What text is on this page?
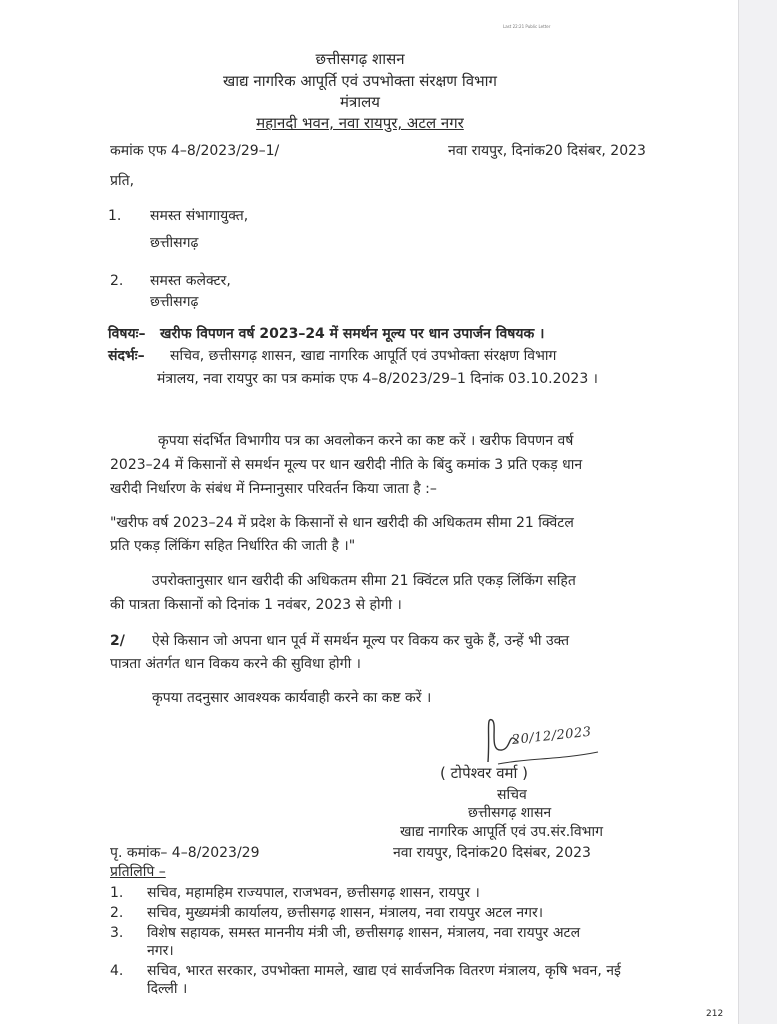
Last 22:21 Public Letter
छत्तीसगढ़ शासन
खाद्य नागरिक आपूर्ति एवं उपभोक्ता संरक्षण विभाग
मंत्रालय
महानदी भवन, नवा रायपुर, अटल नगर
कमांक एफ 4–8/2023/29–1/	नवा रायपुर, दिनांक20 दिसंबर, 2023
प्रति,
1. समस्त संभागायुक्त,
छत्तीसगढ़
2. समस्त कलेक्टर,
छत्तीसगढ़
विषयः– खरीफ विपणन वर्ष 2023–24 में समर्थन मूल्य पर धान उपार्जन विषयक ।
संदर्भः– सचिव, छत्तीसगढ़ शासन, खाद्य नागरिक आपूर्ति एवं उपभोक्ता संरक्षण विभाग
मंत्रालय, नवा रायपुर का पत्र कमांक एफ 4–8/2023/29–1 दिनांक 03.10.2023 ।
कृपया संदर्भित विभागीय पत्र का अवलोकन करने का कष्ट करें । खरीफ विपणन वर्ष
2023–24 में किसानों से समर्थन मूल्य पर धान खरीदी नीति के बिंदु कमांक 3 प्रति एकड़ धान
खरीदी निर्धारण के संबंध में निम्नानुसार परिवर्तन किया जाता है :–
"खरीफ वर्ष 2023–24 में प्रदेश के किसानों से धान खरीदी की अधिकतम सीमा 21 क्विंटल
प्रति एकड़ लिंकिंग सहित निर्धारित की जाती है ।"
उपरोक्तानुसार धान खरीदी की अधिकतम सीमा 21 क्विंटल प्रति एकड़ लिंकिंग सहित
की पात्रता किसानों को दिनांक 1 नवंबर, 2023 से होगी ।
2/ ऐसे किसान जो अपना धान पूर्व में समर्थन मूल्य पर विकय कर चुके हैं, उन्हें भी उक्त
पात्रता अंतर्गत धान विकय करने की सुविधा होगी ।
कृपया तदनुसार आवश्यक कार्यवाही करने का कष्ट करें ।
20/12/2023
( टोपेश्वर वर्मा )
सचिव
छत्तीसगढ़ शासन
खाद्य नागरिक आपूर्ति एवं उप.संर.विभाग
पृ. कमांक– 4–8/2023/29	नवा रायपुर, दिनांक20 दिसंबर, 2023
प्रतिलिपि –
1. सचिव, महामहिम राज्यपाल, राजभवन, छत्तीसगढ़ शासन, रायपुर ।
2. सचिव, मुख्यमंत्री कार्यालय, छत्तीसगढ़ शासन, मंत्रालय, नवा रायपुर अटल नगर।
3. विशेष सहायक, समस्त माननीय मंत्री जी, छत्तीसगढ़ शासन, मंत्रालय, नवा रायपुर अटल
नगर।
4. सचिव, भारत सरकार, उपभोक्ता मामले, खाद्य एवं सार्वजनिक वितरण मंत्रालय, कृषि भवन, नई
दिल्ली ।
212
